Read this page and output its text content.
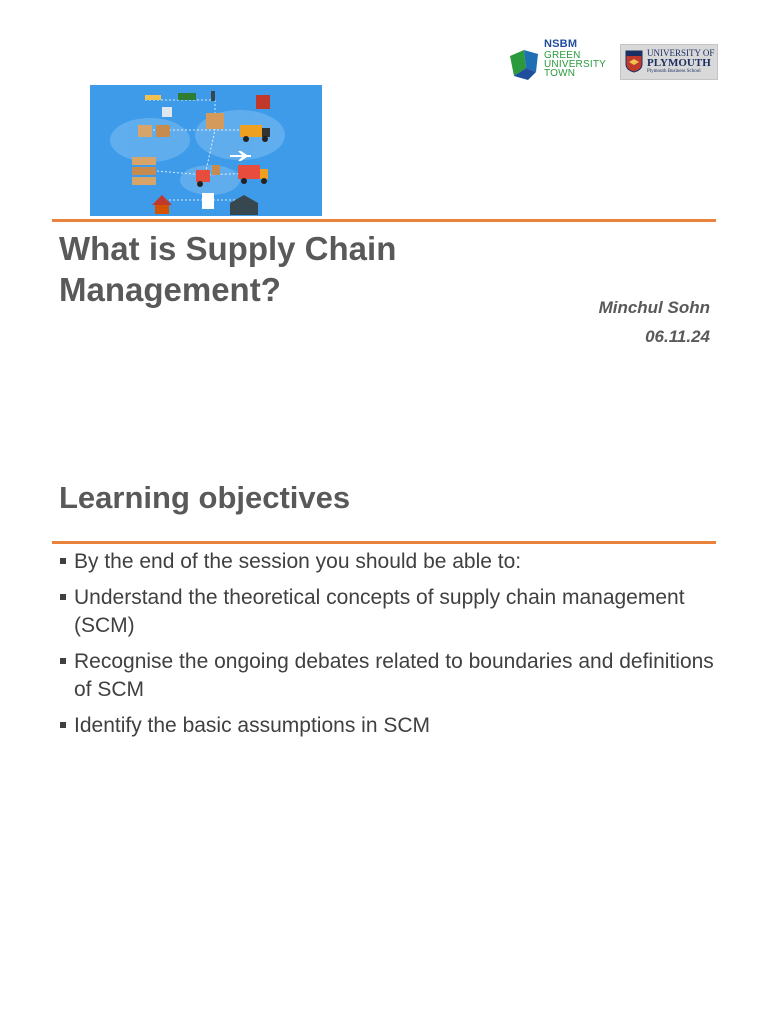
NSBM
GREEN
UNIVERSITY
TOWN
UNIVERSITY OF
PLYMOUTH
Plymouth Business School
What is Supply Chain Management?	Minchul Sohn
06.11.24
Learning objectives
By the end of the session you should be able to:
Understand the theoretical concepts of supply chain management (SCM)
Recognise the ongoing debates related to boundaries and definitions of SCM
Identify the basic assumptions in SCM
